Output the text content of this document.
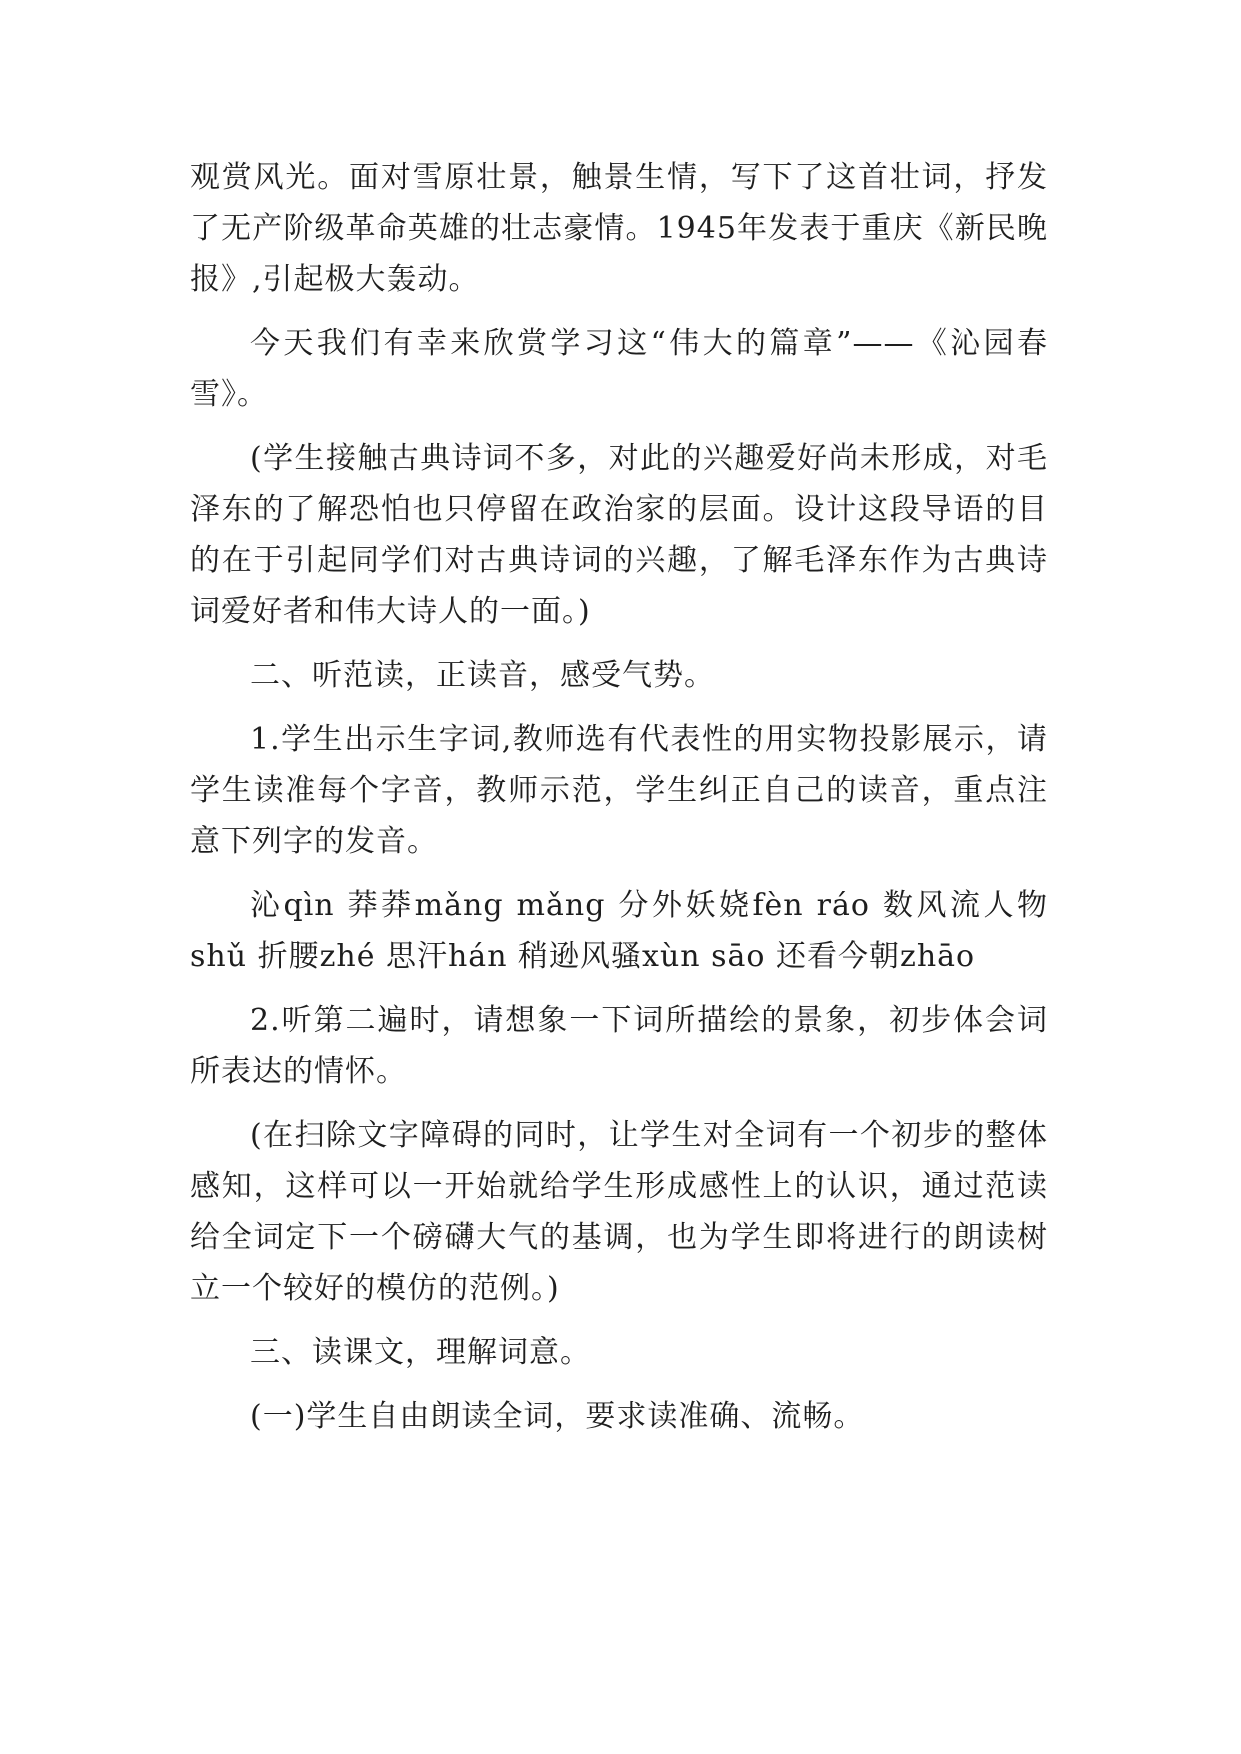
观赏风光。面对雪原壮景，触景生情，写下了这首壮词，抒发了无产阶级革命英雄的壮志豪情。1945年发表于重庆《新民晚报》,引起极大轰动。

今天我们有幸来欣赏学习这“伟大的篇章”——《沁园春雪》。

(学生接触古典诗词不多，对此的兴趣爱好尚未形成，对毛泽东的了解恐怕也只停留在政治家的层面。设计这段导语的目的在于引起同学们对古典诗词的兴趣，了解毛泽东作为古典诗词爱好者和伟大诗人的一面。)

二、听范读，正读音，感受气势。

1.学生出示生字词,教师选有代表性的用实物投影展示，请学生读准每个字音，教师示范，学生纠正自己的读音，重点注意下列字的发音。

沁qìn 莽莽mǎng mǎng 分外妖娆fèn ráo 数风流人物 shǔ 折腰zhé 思汗hán 稍逊风骚xùn sāo 还看今朝zhāo

2.听第二遍时，请想象一下词所描绘的景象，初步体会词所表达的情怀。

(在扫除文字障碍的同时，让学生对全词有一个初步的整体感知，这样可以一开始就给学生形成感性上的认识，通过范读给全词定下一个磅礴大气的基调，也为学生即将进行的朗读树立一个较好的模仿的范例。)

三、读课文，理解词意。

(一)学生自由朗读全词，要求读准确、流畅。
